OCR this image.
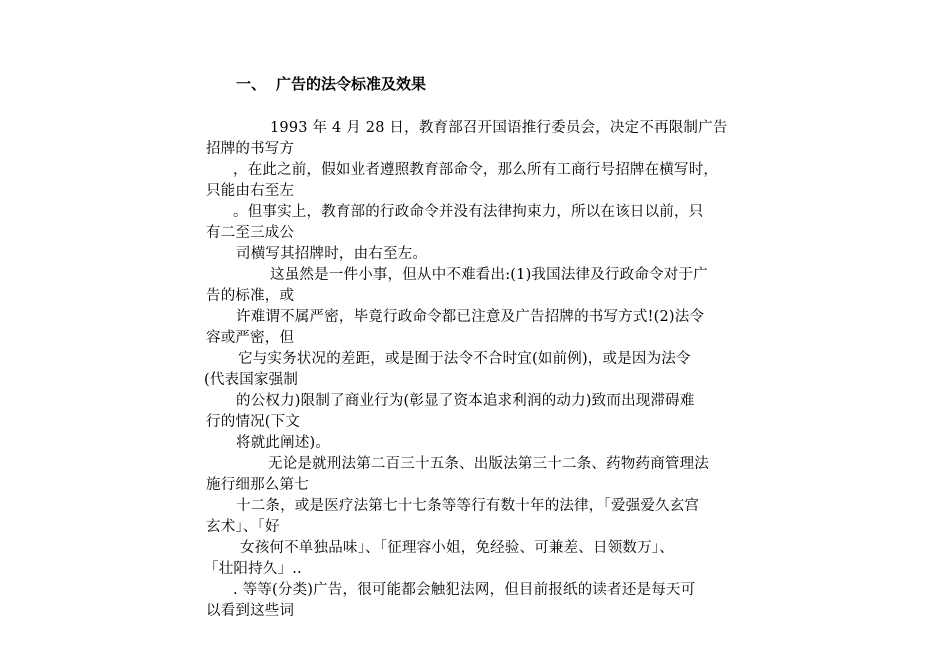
一、 广告的法令标准及效果
1993 年 4 月 28 日，教育部召开国语推行委员会，决定不再限制广告
招牌的书写方
，在此之前，假如业者遵照教育部命令，那么所有工商行号招牌在横写时，
只能由右至左
。但事实上，教育部的行政命令并没有法律拘束力，所以在该日以前，只
有二至三成公
司横写其招牌时，由右至左。
这虽然是一件小事，但从中不难看出:(1)我国法律及行政命令对于广
告的标准，或
许难谓不属严密，毕竟行政命令都已注意及广告招牌的书写方式!(2)法令
容或严密，但
它与实务状况的差距，或是囿于法令不合时宜(如前例)，或是因为法令
(代表国家强制
的公权力)限制了商业行为(彰显了资本追求利润的动力)致而出现滞碍难
行的情况(下文
将就此阐述)。
无论是就刑法第二百三十五条、出版法第三十二条、药物药商管理法
施行细那么第七
十二条，或是医疗法第七十七条等等行有数十年的法律，「爱强爱久玄宫
玄术」、「好
女孩何不单独品味」、「征理容小姐，免经验、可兼差、日领数万」、
「壮阳持久」..
. 等等(分类)广告，很可能都会触犯法网，但目前报纸的读者还是每天可
以看到这些词
